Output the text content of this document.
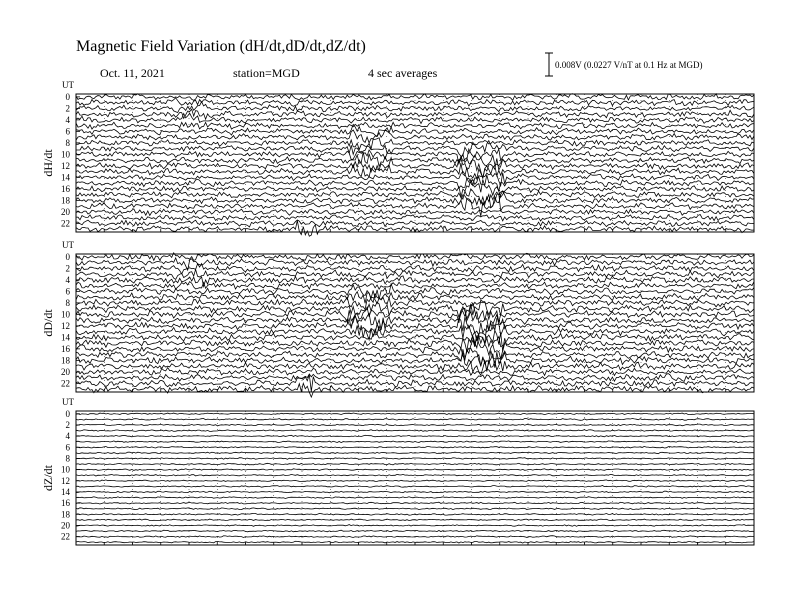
Magnetic Field Variation (dH/dt,dD/dt,dZ/dt)
Oct. 11, 2021	station=MGD	4 sec averages
0.008V (0.0227 V/nT at 0.1 Hz at MGD)
0
2
4
6
8
10
12
14
16
18
20
22
UT
dH/dt
0
2
4
6
8
10
12
14
16
18
20
22
UT
dD/dt
0
2
4
6
8
10
12
14
16
18
20
22
UT
dZ/dt
